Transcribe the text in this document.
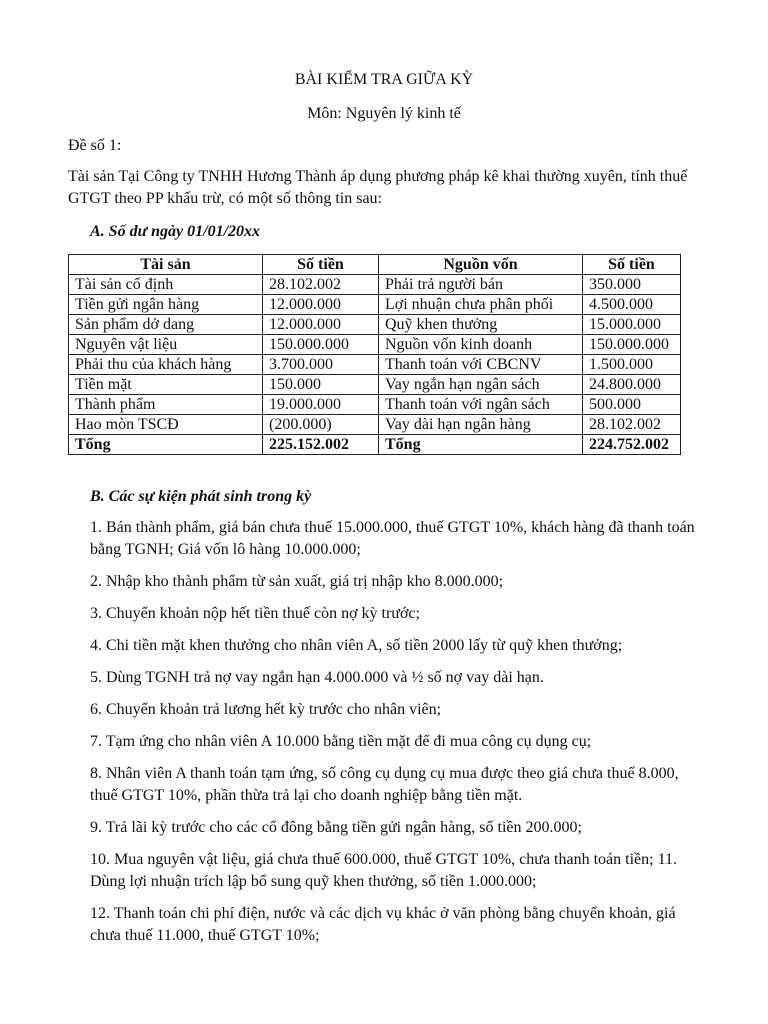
BÀI KIỂM TRA GIỮA KỲ
Môn: Nguyên lý kinh tế
Đề số 1:
Tài sản Tại Công ty TNHH Hương Thành áp dụng phương pháp kê khai thường xuyên, tính thuế GTGT theo PP khấu trừ, có một số thông tin sau:
A. Số dư ngày 01/01/20xx
Tài sản	Số tiền	Nguồn vốn	Số tiền
Tài sản cố định	28.102.002	Phải trả người bán	350.000
Tiền gửi ngân hàng	12.000.000	Lợi nhuận chưa phân phối	4.500.000
Sản phẩm dở dang	12.000.000	Quỹ khen thưởng	15.000.000
Nguyên vật liệu	150.000.000	Nguồn vốn kinh doanh	150.000.000
Phải thu của khách hàng	3.700.000	Thanh toán với CBCNV	1.500.000
Tiền mặt	150.000	Vay ngắn hạn ngân sách	24.800.000
Thành phẩm	19.000.000	Thanh toán với ngân sách	500.000
Hao mòn TSCĐ	(200.000)	Vay dài hạn ngân hàng	28.102.002
Tổng	225.152.002	Tổng	224.752.002
B. Các sự kiện phát sinh trong kỳ

1. Bán thành phẩm, giá bán chưa thuế 15.000.000, thuế GTGT 10%, khách hàng đã thanh toán bằng TGNH; Giá vốn lô hàng 10.000.000;

2. Nhập kho thành phẩm từ sản xuất, giá trị nhập kho 8.000.000;

3. Chuyển khoản nộp hết tiền thuế còn nợ kỳ trước;

4. Chi tiền mặt khen thưởng cho nhân viên A, số tiền 2000 lấy từ quỹ khen thưởng;

5. Dùng TGNH trả nợ vay ngắn hạn 4.000.000 và ½ số nợ vay dài hạn.

6. Chuyển khoản trả lương hết kỳ trước cho nhân viên;

7. Tạm ứng cho nhân viên A 10.000 bằng tiền mặt để đi mua công cụ dụng cụ;

8. Nhân viên A thanh toán tạm ứng, số công cụ dụng cụ mua được theo giá chưa thuế 8.000, thuế GTGT 10%, phần thừa trả lại cho doanh nghiệp bằng tiền mặt.

9. Trả lãi kỳ trước cho các cổ đông bằng tiền gửi ngân hàng, số tiền 200.000;

10. Mua nguyên vật liệu, giá chưa thuế 600.000, thuế GTGT 10%, chưa thanh toán tiền; 11. Dùng lợi nhuận trích lập bổ sung quỹ khen thưởng, số tiền 1.000.000;

12. Thanh toán chi phí điện, nước và các dịch vụ khác ở văn phòng bằng chuyển khoản, giá chưa thuế 11.000, thuế GTGT 10%;
